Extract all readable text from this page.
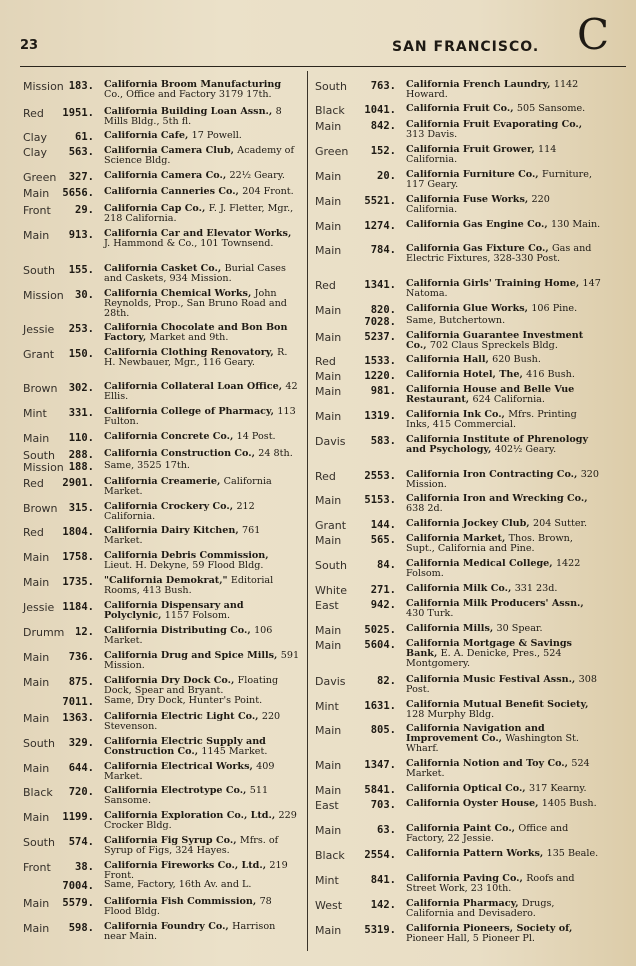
23	SAN FRANCISCO. C
Mission 183. California Broom Manufacturing Co., Office and Factory 3179 17th.
Red	1951. California Building Loan Assn., 8 Mills Bldg., 5th fl.
Clay	61. California Cafe, 17 Powell.
Clay	563. California Camera Club, Academy of Science Bldg.
Green	327. California Camera Co., 22½ Geary.
Main	5656. California Canneries Co., 204 Front.
Front	29. California Cap Co., F. J. Fletter, Mgr., 218 California.
Main	913. California Car and Elevator Works, J. Hammond & Co., 101 Townsend.
South	155. California Casket Co., Burial Cases and Caskets, 934 Mission.
Mission	30. California Chemical Works, John Reynolds, Prop., San Bruno Road and 28th.
Jessie	253. California Chocolate and Bon Bon Factory, Market and 9th.
Grant	150. California Clothing Renovatory, R. H. Newbauer, Mgr., 116 Geary.
Brown	302. California Collateral Loan Office, 42 Ellis.
Mint	331. California College of Pharmacy, 113 Fulton.
Main	110. California Concrete Co., 14 Post.
South	288. California Construction Co., 24 8th.
Mission 188. Same, 3525 17th.
Red	2901. California Creamerie, California Market.
Brown	315. California Crockery Co., 212 California.
Red	1804. California Dairy Kitchen, 761 Market.
Main	1758. California Debris Commission, Lieut. H. Dekyne, 59 Flood Bldg.
Main	1735. "California Demokrat," Editorial Rooms, 413 Bush.
Jessie 1184. California Dispensary and Polyclynic, 1157 Folsom.
Drumm	12. California Distributing Co., 106 Market.
Main	736. California Drug and Spice Mills, 591 Mission.
Main	875. California Dry Dock Co., Floating Dock, Spear and Bryant.
7011. Same, Dry Dock, Hunter's Point.
Main	1363. California Electric Light Co., 220 Stevenson.
South	329. California Electric Supply and Construction Co., 1145 Market.
Main	644. California Electrical Works, 409 Market.
Black	720. California Electrotype Co., 511 Sansome.
Main	1199. California Exploration Co., Ltd., 229 Crocker Bldg.
South	574. California Fig Syrup Co., Mfrs. of Syrup of Figs, 324 Hayes.
Front	38. California Fireworks Co., Ltd., 219 Front.
7004. Same, Factory, 16th Av. and L.
Main	5579. California Fish Commission, 78 Flood Bldg.
Main	598. California Foundry Co., Harrison near Main.
South	763. California French Laundry, 1142 Howard.
Black	1041. California Fruit Co., 505 Sansome.
Main	842. California Fruit Evaporating Co., 313 Davis.
Green	152. California Fruit Grower, 114 California.
Main	20. California Furniture Co., Furniture, 117 Geary.
Main	5521. California Fuse Works, 220 California.
Main	1274. California Gas Engine Co., 130 Main.
Main	784. California Gas Fixture Co., Gas and Electric Fixtures, 328-330 Post.
Red	1341. California Girls' Training Home, 147 Natoma.
Main	820. California Glue Works, 106 Pine.
7028. Same, Butchertown.
Main	5237. California Guarantee Investment Co., 702 Claus Spreckels Bldg.
Red	1533. California Hall, 620 Bush.
Main	1220. California Hotel, The, 416 Bush.
Main	981. California House and Belle Vue Restaurant, 624 California.
Main	1319. California Ink Co., Mfrs. Printing Inks, 415 Commercial.
Davis	583. California Institute of Phrenology and Psychology, 402½ Geary.
Red	2553. California Iron Contracting Co., 320 Mission.
Main	5153. California Iron and Wrecking Co., 638 2d.
Grant	144. California Jockey Club, 204 Sutter.
Main	565. California Market, Thos. Brown, Supt., California and Pine.
South	84. California Medical College, 1422 Folsom.
White	271. California Milk Co., 331 23d.
East	942. California Milk Producers' Assn., 430 Turk.
Main	5025. California Mills, 30 Spear.
Main	5604. California Mortgage & Savings Bank, E. A. Denicke, Pres., 524 Montgomery.
Davis	82. California Music Festival Assn., 308 Post.
Mint	1631. California Mutual Benefit Society, 128 Murphy Bldg.
Main	805. California Navigation and Improvement Co., Washington St. Wharf.
Main	1347. California Notion and Toy Co., 524 Market.
Main	5841. California Optical Co., 317 Kearny.
East	703. California Oyster House, 1405 Bush.
Main	63. California Paint Co., Office and Factory, 22 Jessie.
Black	2554. California Pattern Works, 135 Beale.
Mint	841. California Paving Co., Roofs and Street Work, 23 10th.
West	142. California Pharmacy, Drugs, California and Devisadero.
Main	5319. California Pioneers, Society of, Pioneer Hall, 5 Pioneer Pl.
